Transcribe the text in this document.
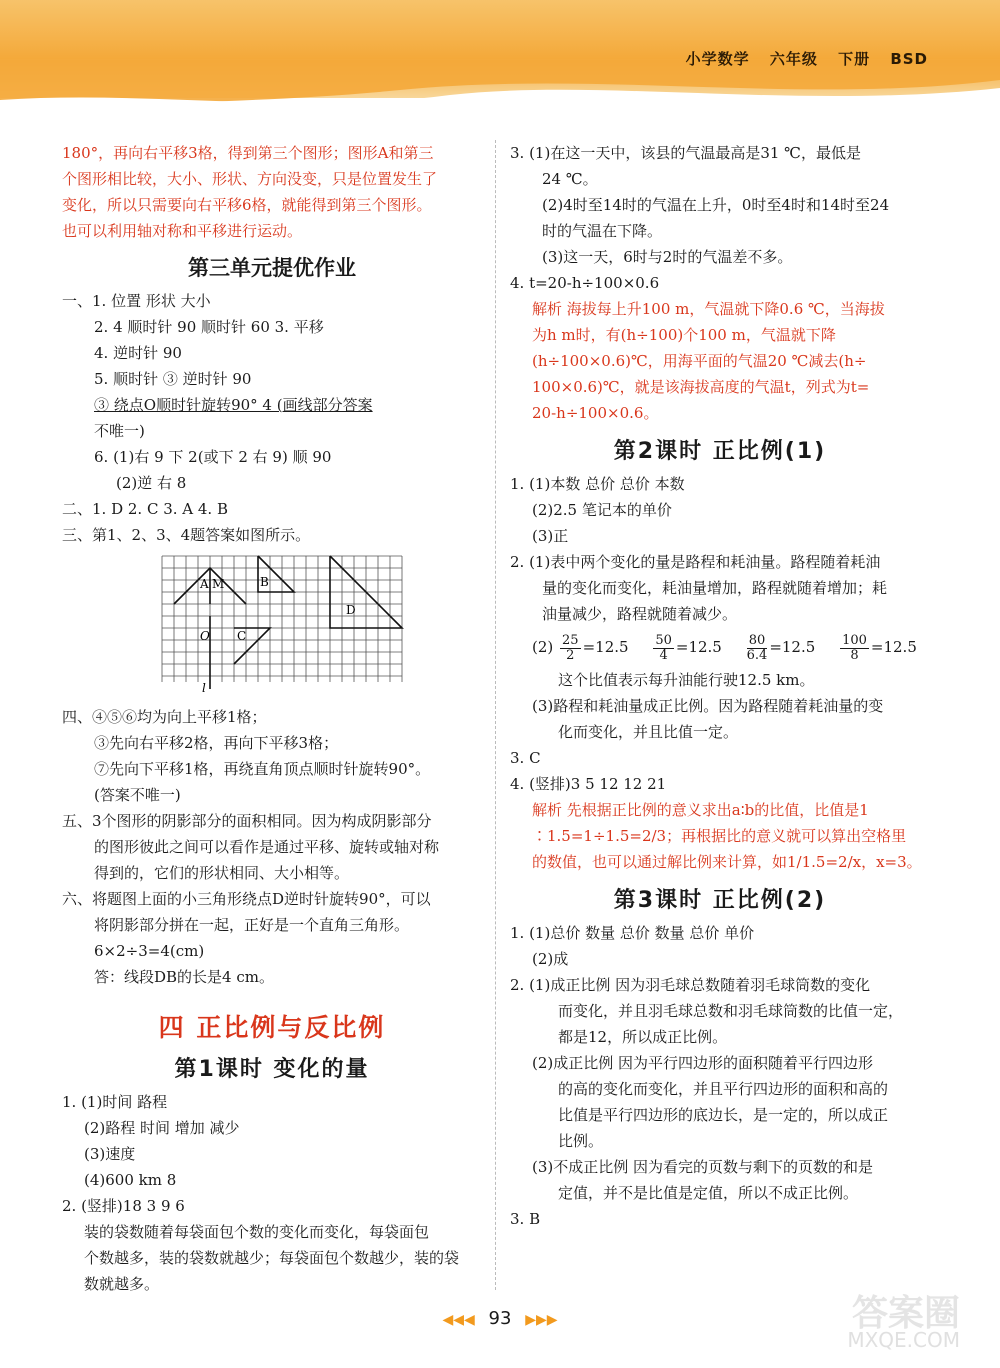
小学数学 六年级 下册 BSD
180°，再向右平移3格，得到第三个图形；图形A和第三
个图形相比较，大小、形状、方向没变，只是位置发生了
变化，所以只需要向右平移6格，就能得到第三个图形。
也可以利用轴对称和平移进行运动。
第三单元提优作业
一、1. 位置 形状 大小
2. 4 顺时针 90 顺时针 60 3. 平移
4. 逆时针 90
5. 顺时针 ③ 逆时针 90
③ 绕点O顺时针旋转90° 4 (画线部分答案
不唯一)
6. (1)右 9 下 2(或下 2 右 9) 顺 90
(2)逆 右 8
二、1. D 2. C 3. A 4. B
三、第1、2、3、4题答案如图所示。
A M	B
D
O C
l
四、④⑤⑥均为向上平移1格；
③先向右平移2格，再向下平移3格；
⑦先向下平移1格，再绕直角顶点顺时针旋转90°。
(答案不唯一)
五、3个图形的阴影部分的面积相同。因为构成阴影部分
的图形彼此之间可以看作是通过平移、旋转或轴对称
得到的，它们的形状相同、大小相等。
六、将题图上面的小三角形绕点D逆时针旋转90°，可以
将阴影部分拼在一起，正好是一个直角三角形。
6×2÷3=4(cm)
答：线段DB的长是4 cm。
四 正比例与反比例
第1课时 变化的量
1. (1)时间 路程
(2)路程 时间 增加 减少
(3)速度
(4)600 km 8
2. (竖排)18 3 9 6
装的袋数随着每袋面包个数的变化而变化，每袋面包
个数越多，装的袋数就越少；每袋面包个数越少，装的袋
数就越多。
3. (1)在这一天中，该县的气温最高是31 ℃，最低是
24 ℃。
(2)4时至14时的气温在上升，0时至4时和14时至24
时的气温在下降。
(3)这一天，6时与2时的气温差不多。
4. t=20-h÷100×0.6
解析 海拔每上升100 m，气温就下降0.6 ℃，当海拔
为h m时，有(h÷100)个100 m，气温就下降
(h÷100×0.6)℃，用海平面的气温20 ℃减去(h÷
100×0.6)℃，就是该海拔高度的气温t，列式为t=
20-h÷100×0.6。
第2课时 正比例(1)
1. (1)本数 总价 总价 本数
(2)2.5 笔记本的单价
(3)正
2. (1)表中两个变化的量是路程和耗油量。路程随着耗油
量的变化而变化，耗油量增加，路程就随着增加；耗
油量减少，路程就随着减少。
$(2) \frac{25}{2} =12.5 \frac{50}{4} =12.5 \frac{80}{6.4} =12.5 \frac{100}{8} =12.5$
这个比值表示每升油能行驶12.5 km。
(3)路程和耗油量成正比例。因为路程随着耗油量的变
化而变化，并且比值一定。
3. C
4. (竖排)3 5 12 12 21
解析 先根据正比例的意义求出a∶b的比值，比值是1
∶1.5=1÷1.5=2/3；再根据比的意义就可以算出空格里
的数值，也可以通过解比例来计算，如1/1.5=2/x，x=3。
第3课时 正比例(2)
1. (1)总价 数量 总价 数量 总价 单价
(2)成
2. (1)成正比例 因为羽毛球总数随着羽毛球筒数的变化
而变化，并且羽毛球总数和羽毛球筒数的比值一定，
都是12，所以成正比例。
(2)成正比例 因为平行四边形的面积随着平行四边形
的高的变化而变化，并且平行四边形的面积和高的
比值是平行四边形的底边长，是一定的，所以成正
比例。
(3)不成正比例 因为看完的页数与剩下的页数的和是
定值，并不是比值是定值，所以不成正比例。
3. B
◀◀◀ 93 ▶▶▶	答案圈
MXQE.COM
